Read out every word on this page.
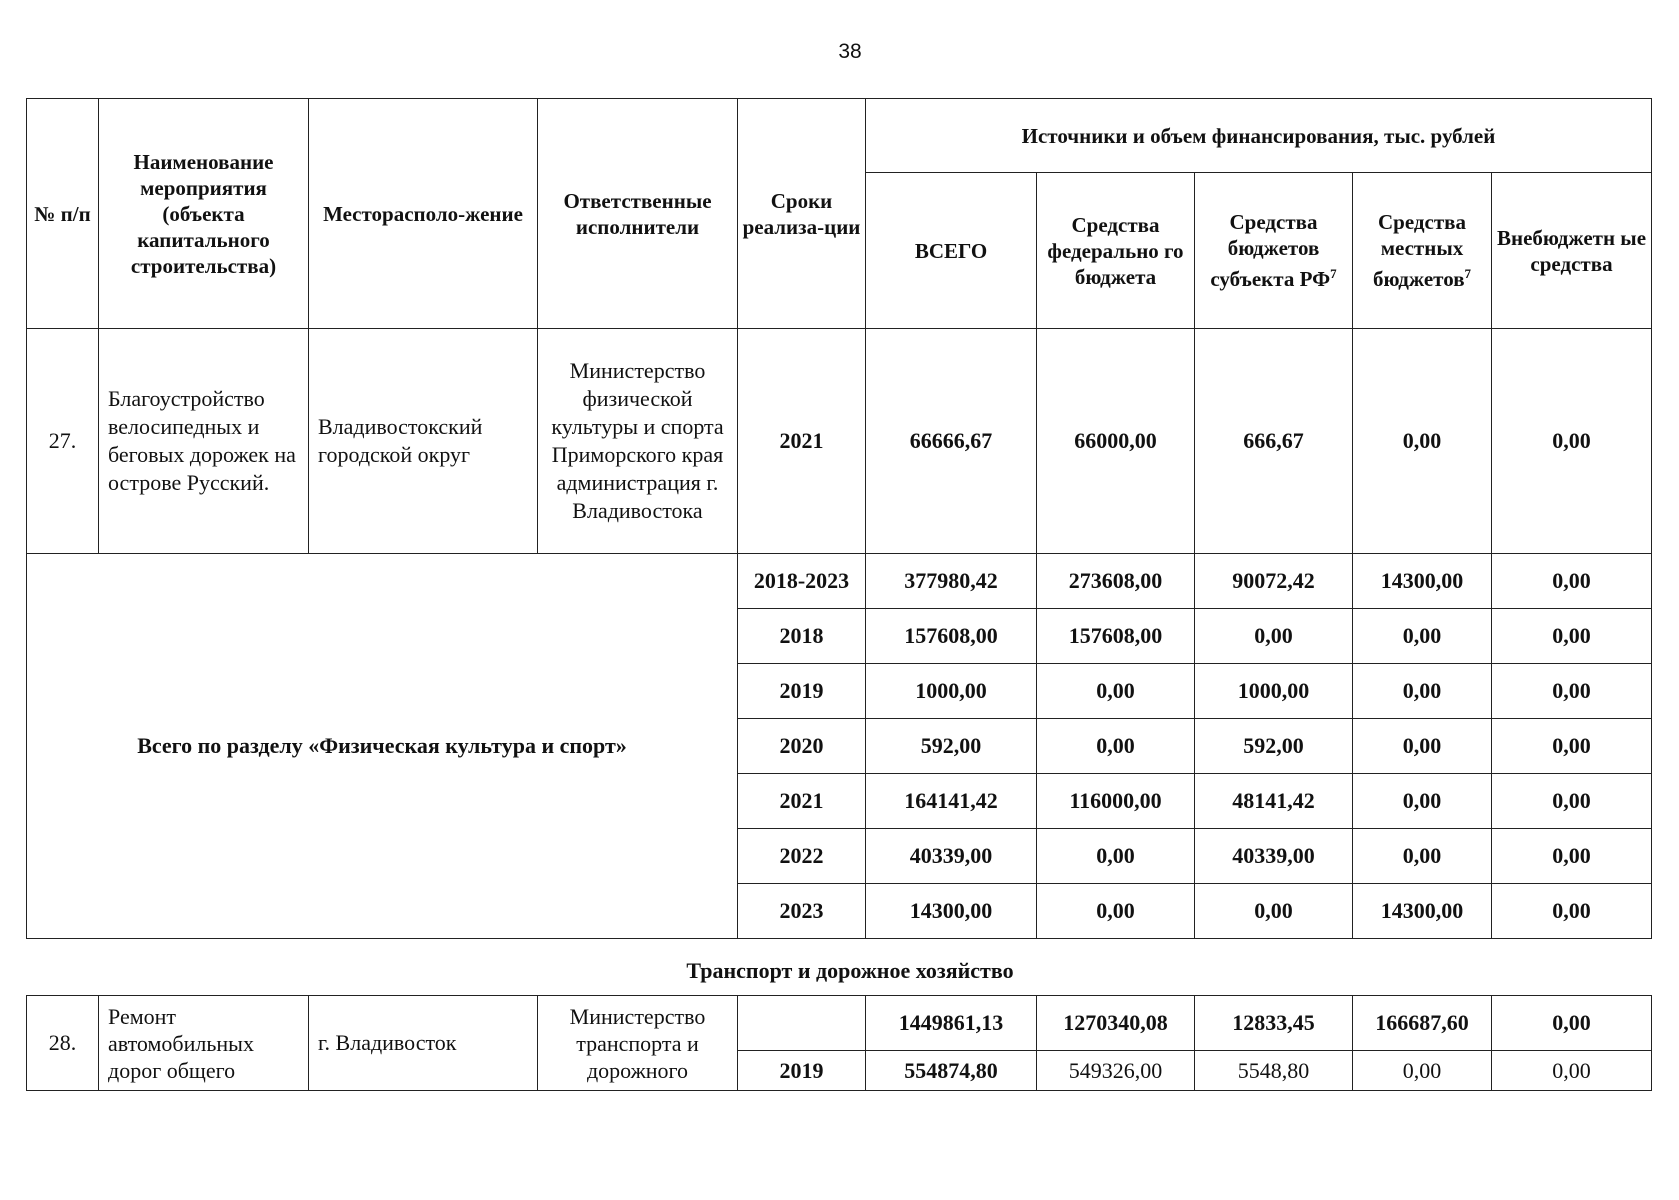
38
№ п/п	Наименование мероприятия (объекта капитального строительства)	Месторасполо-жение	Ответственные исполнители	Сроки реализа-ции	Источники и объем финансирования, тыс. рублей				
					ВСЕГО	Средства федерально го бюджета	Средства бюджетов субъекта $РФ^7$	Средства местных бюджетов$^7$	Внебюджетн ые средства
27.	Благоустройство велосипедных и беговых дорожек на острове Русский.	Владивостокский городской округ	Министерство физической культуры и спорта Приморского края администрация г. Владивостока	2021	66666,67	66000,00	666,67	0,00	0,00
Всего по разделу «Физическая культура и спорт»				2018-2023	377980,42	273608,00	90072,42	14300,00	0,00
				2018	157608,00	157608,00	0,00	0,00	0,00
				2019	1000,00	0,00	1000,00	0,00	0,00
				2020	592,00	0,00	592,00	0,00	0,00
				2021	164141,42	116000,00	48141,42	0,00	0,00
				2022	40339,00	0,00	40339,00	0,00	0,00
				2023	14300,00	0,00	0,00	14300,00	0,00
Транспорт и дорожное хозяйство
28.	Ремонт автомобильных дорог общего	г. Владивосток	Министерство транспорта и дорожного		1449861,13	1270340,08	12833,45	166687,60	0,00
				2019	554874,80	549326,00	5548,80	0,00	0,00
